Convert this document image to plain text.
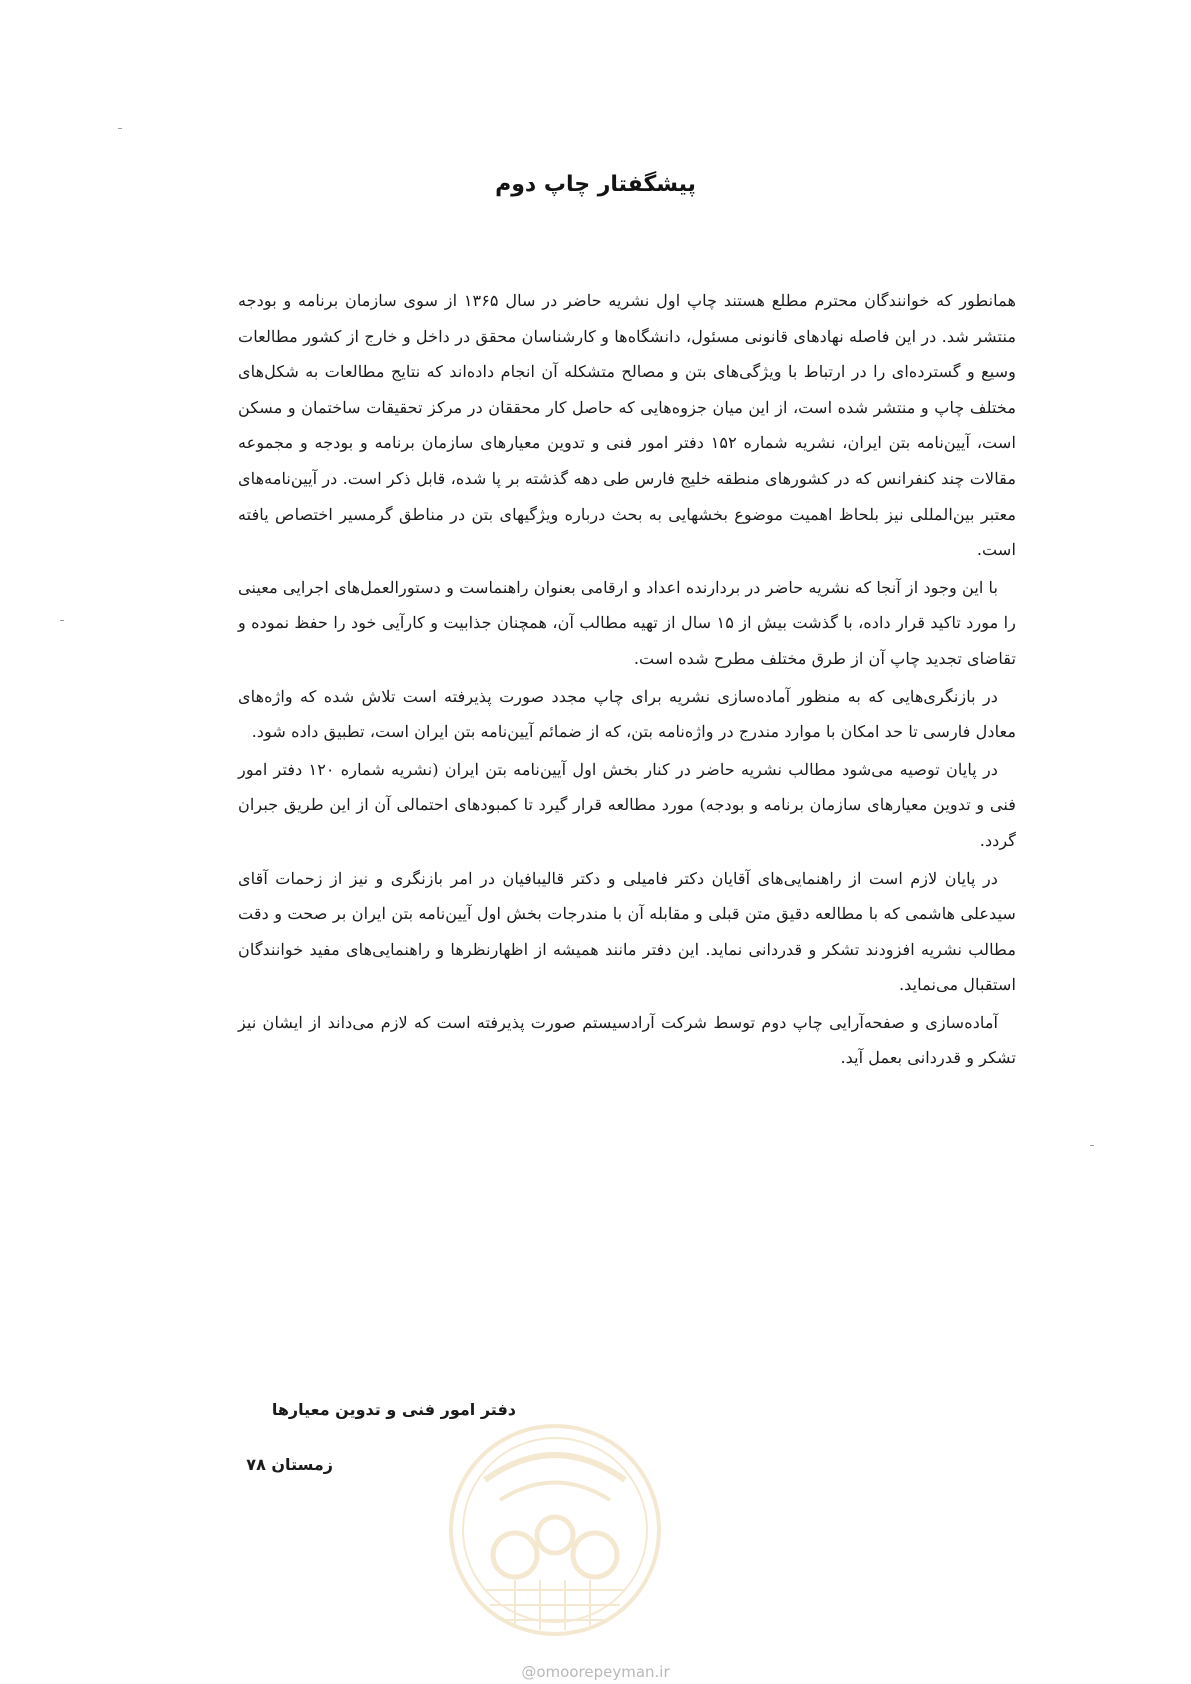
پیشگفتار چاپ دوم

همانطور که خوانندگان محترم مطلع هستند چاپ اول نشریه حاضر در سال ۱۳۶۵ از سوی سازمان برنامه و بودجه منتشر شد. در این فاصله نهادهای قانونی مسئول، دانشگاه‌ها و کارشناسان محقق در داخل و خارج از کشور مطالعات وسیع و گسترده‌ای را در ارتباط با ویژگی‌های بتن و مصالح متشکله آن انجام داده‌اند که نتایج مطالعات به شکل‌های مختلف چاپ و منتشر شده است، از این میان جزوه‌هایی که حاصل کار محققان در مرکز تحقیقات ساختمان و مسکن است، آیین‌نامه بتن ایران، نشریه شماره ۱۵۲ دفتر امور فنی و تدوین معیارهای سازمان برنامه و بودجه و مجموعه مقالات چند کنفرانس که در کشورهای منطقه خلیج فارس طی دهه گذشته بر پا شده، قابل ذکر است. در آیین‌نامه‌های معتبر بین‌المللی نیز بلحاظ اهمیت موضوع بخشهایی به بحث درباره ویژگیهای بتن در مناطق گرمسیر اختصاص یافته است.

با این وجود از آنجا که نشریه حاضر در بردارنده اعداد و ارقامی بعنوان راهنماست و دستورالعمل‌های اجرایی معینی را مورد تاکید قرار داده، با گذشت بیش از ۱۵ سال از تهیه مطالب آن، همچنان جذابیت و کارآیی خود را حفظ نموده و تقاضای تجدید چاپ آن از طرق مختلف مطرح شده است.

در بازنگری‌هایی که به منظور آماده‌سازی نشریه برای چاپ مجدد صورت پذیرفته است تلاش شده که واژه‌های معادل فارسی تا حد امکان با موارد مندرج در واژه‌نامه بتن، که از ضمائم آیین‌نامه بتن ایران است، تطبیق داده شود.

در پایان توصیه می‌شود مطالب نشریه حاضر در کنار بخش اول آیین‌نامه بتن ایران (نشریه شماره ۱۲۰ دفتر امور فنی و تدوین معیارهای سازمان برنامه و بودجه) مورد مطالعه قرار گیرد تا کمبودهای احتمالی آن از این طریق جبران گردد.

در پایان لازم است از راهنمایی‌های آقایان دکتر فامیلی و دکتر قالیبافیان در امر بازنگری و نیز از زحمات آقای سیدعلی هاشمی که با مطالعه دقیق متن قبلی و مقابله آن با مندرجات بخش اول آیین‌نامه بتن ایران بر صحت و دقت مطالب نشریه افزودند تشکر و قدردانی نماید. این دفتر مانند همیشه از اظهارنظرها و راهنمایی‌های مفید خوانندگان استقبال می‌نماید.

آماده‌سازی و صفحه‌آرایی چاپ دوم توسط شرکت آرادسیستم صورت پذیرفته است که لازم می‌داند از ایشان نیز تشکر و قدردانی بعمل آید.

دفتر امور فنی و تدوین معیارها
زمستان ۷۸
@omoorepeyman.ir
